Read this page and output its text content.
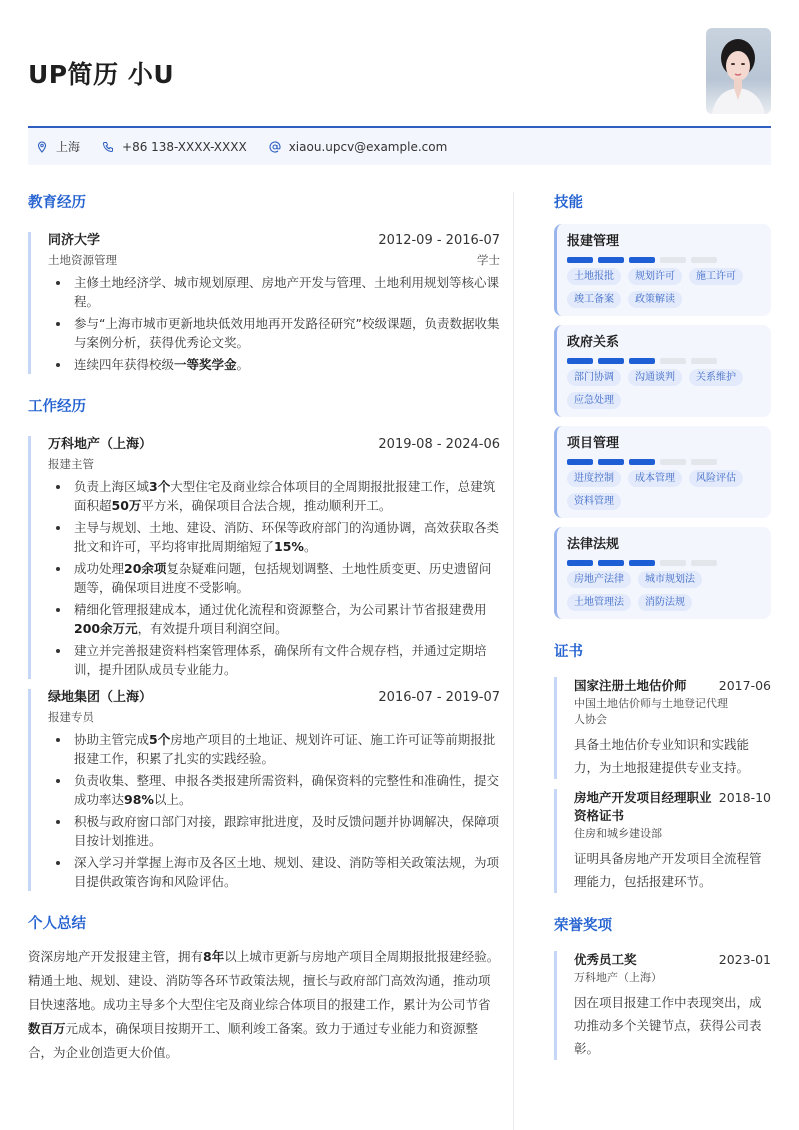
UP简历 小U
上海	+86 138-XXXX-XXXX	xiaou.upcv@example.com
教育经历
同济大学	2012-09 - 2016-07
土地资源管理	学士
主修土地经济学、城市规划原理、房地产开发与管理、土地利用规划等核心课程。
参与“上海市城市更新地块低效用地再开发路径研究”校级课题，负责数据收集与案例分析，获得优秀论文奖。
连续四年获得校级一等奖学金。
工作经历
万科地产（上海）	2019-08 - 2024-06
报建主管
负责上海区域3个大型住宅及商业综合体项目的全周期报批报建工作，总建筑面积超50万平方米，确保项目合法合规，推动顺利开工。
主导与规划、土地、建设、消防、环保等政府部门的沟通协调，高效获取各类批文和许可，平均将审批周期缩短了15%。
成功处理20余项复杂疑难问题，包括规划调整、土地性质变更、历史遗留问题等，确保项目进度不受影响。
精细化管理报建成本，通过优化流程和资源整合，为公司累计节省报建费用200余万元，有效提升项目利润空间。
建立并完善报建资料档案管理体系，确保所有文件合规存档，并通过定期培训，提升团队成员专业能力。
绿地集团（上海）	2016-07 - 2019-07
报建专员
协助主管完成5个房地产项目的土地证、规划许可证、施工许可证等前期报批报建工作，积累了扎实的实践经验。
负责收集、整理、申报各类报建所需资料，确保资料的完整性和准确性，提交成功率达98%以上。
积极与政府窗口部门对接，跟踪审批进度，及时反馈问题并协调解决，保障项目按计划推进。
深入学习并掌握上海市及各区土地、规划、建设、消防等相关政策法规，为项目提供政策咨询和风险评估。
个人总结

资深房地产开发报建主管，拥有8年以上城市更新与房地产项目全周期报批报建经验。精通土地、规划、建设、消防等各环节政策法规，擅长与政府部门高效沟通，推动项目快速落地。成功主导多个大型住宅及商业综合体项目的报建工作，累计为公司节省数百万元成本，确保项目按期开工、顺利竣工备案。致力于通过专业能力和资源整合，为企业创造更大价值。

技能
报建管理
土地报批	规划许可	施工许可
竣工备案	政策解读
政府关系
部门协调	沟通谈判	关系维护
应急处理
项目管理
进度控制	成本管理	风险评估
资料管理
法律法规
房地产法律	城市规划法
土地管理法	消防法规
证书
国家注册土地估价师	2017-06
中国土地估价师与土地登记代理人协会
具备土地估价专业知识和实践能力，为土地报建提供专业支持。
房地产开发项目经理职业资格证书
2018-10
住房和城乡建设部
证明具备房地产开发项目全流程管理能力，包括报建环节。
荣誉奖项
优秀员工奖	2023-01
万科地产（上海）
因在项目报建工作中表现突出，成功推动多个关键节点，获得公司表彰。
